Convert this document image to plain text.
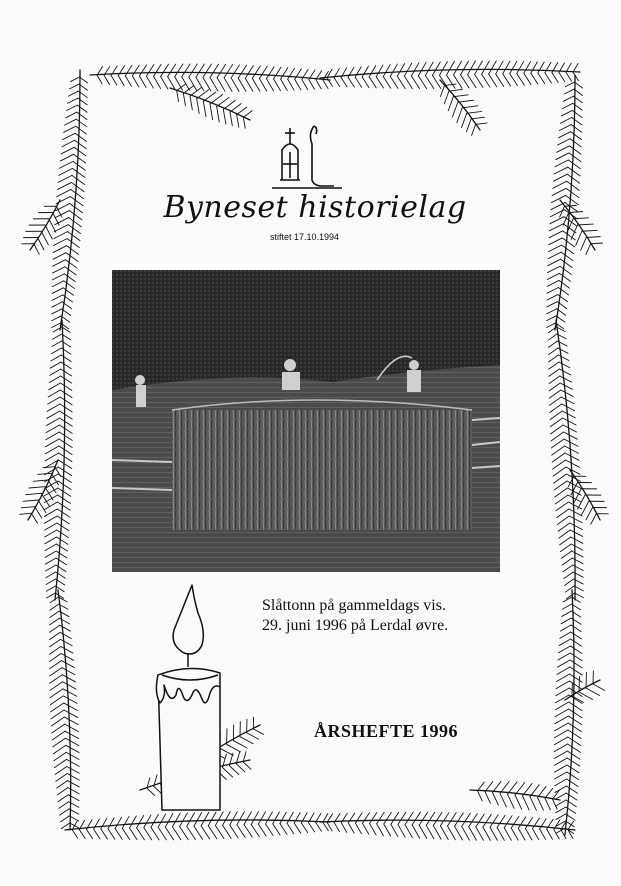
Byneset historielag
stiftet 17.10.1994
Slåttonn på gammeldags vis.
29. juni 1996 på Lerdal øvre.
ÅRSHEFTE 1996
